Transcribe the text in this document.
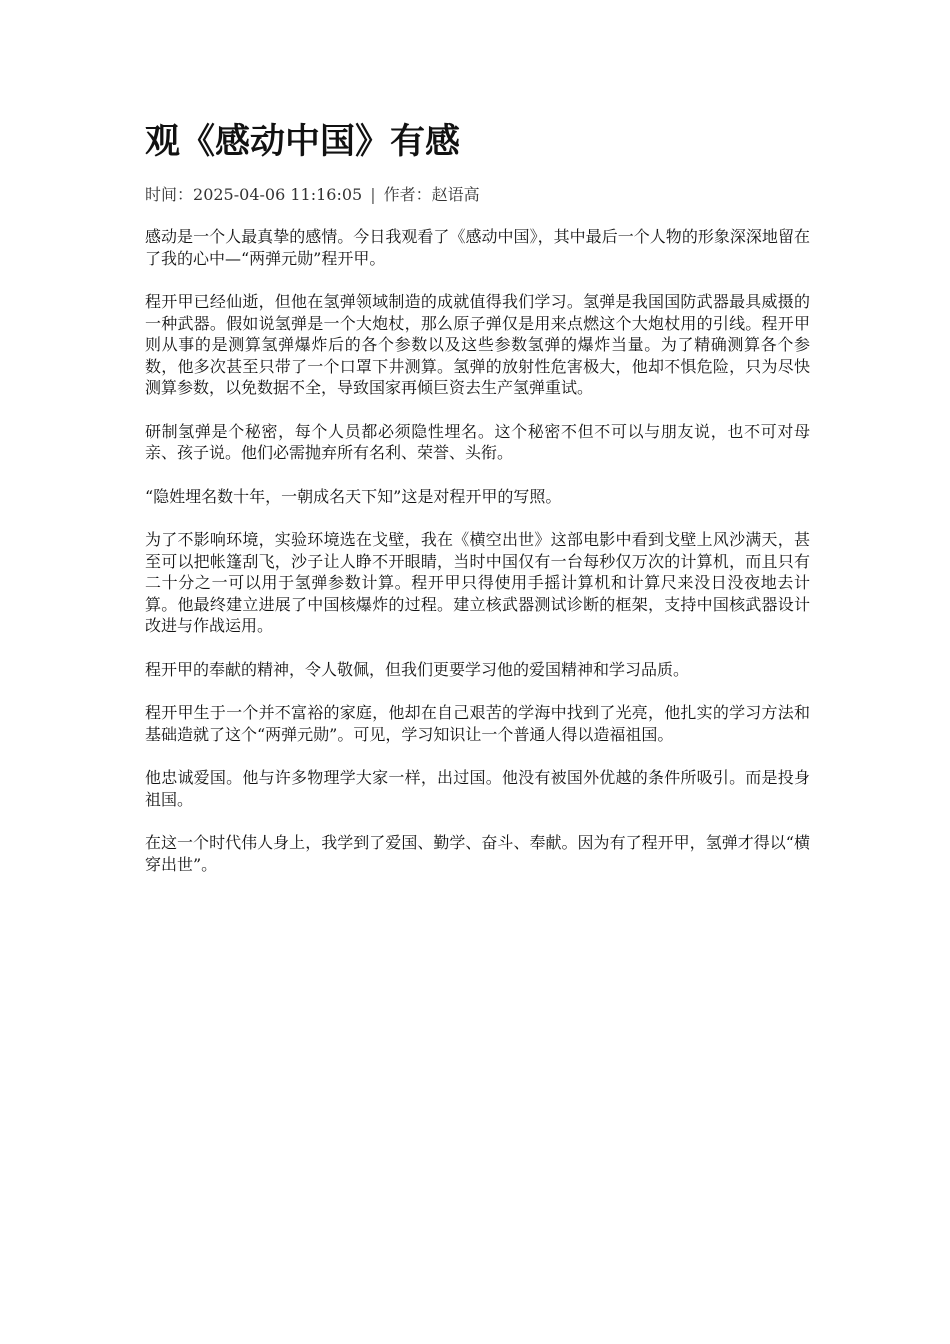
观《感动中国》有感
时间：2025-04-06 11:16:05 | 作者：赵语高

感动是一个人最真挚的感情。今日我观看了《感动中国》，其中最后一个人物的形象深深地留在了我的心中—“两弹元勋”程开甲。

程开甲已经仙逝，但他在氢弹领域制造的成就值得我们学习。氢弹是我国国防武器最具威摄的一种武器。假如说氢弹是一个大炮杖，那么原子弹仅是用来点燃这个大炮杖用的引线。程开甲则从事的是测算氢弹爆炸后的各个参数以及这些参数氢弹的爆炸当量。为了精确测算各个参数，他多次甚至只带了一个口罩下井测算。氢弹的放射性危害极大，他却不惧危险，只为尽快测算参数，以免数据不全，导致国家再倾巨资去生产氢弹重试。

研制氢弹是个秘密，每个人员都必须隐性埋名。这个秘密不但不可以与朋友说，也不可对母亲、孩子说。他们必需抛弃所有名利、荣誉、头衔。

“隐姓埋名数十年，一朝成名天下知”这是对程开甲的写照。

为了不影响环境，实验环境选在戈壁，我在《横空出世》这部电影中看到戈壁上风沙满天，甚至可以把帐篷刮飞，沙子让人睁不开眼睛，当时中国仅有一台每秒仅万次的计算机，而且只有二十分之一可以用于氢弹参数计算。程开甲只得使用手摇计算机和计算尺来没日没夜地去计算。他最终建立进展了中国核爆炸的过程。建立核武器测试诊断的框架，支持中国核武器设计改进与作战运用。

程开甲的奉献的精神，令人敬佩，但我们更要学习他的爱国精神和学习品质。

程开甲生于一个并不富裕的家庭，他却在自己艰苦的学海中找到了光亮，他扎实的学习方法和基础造就了这个“两弹元勋”。可见，学习知识让一个普通人得以造福祖国。

他忠诚爱国。他与许多物理学大家一样，出过国。他没有被国外优越的条件所吸引。而是投身祖国。

在这一个时代伟人身上，我学到了爱国、勤学、奋斗、奉献。因为有了程开甲，氢弹才得以“横穿出世”。
